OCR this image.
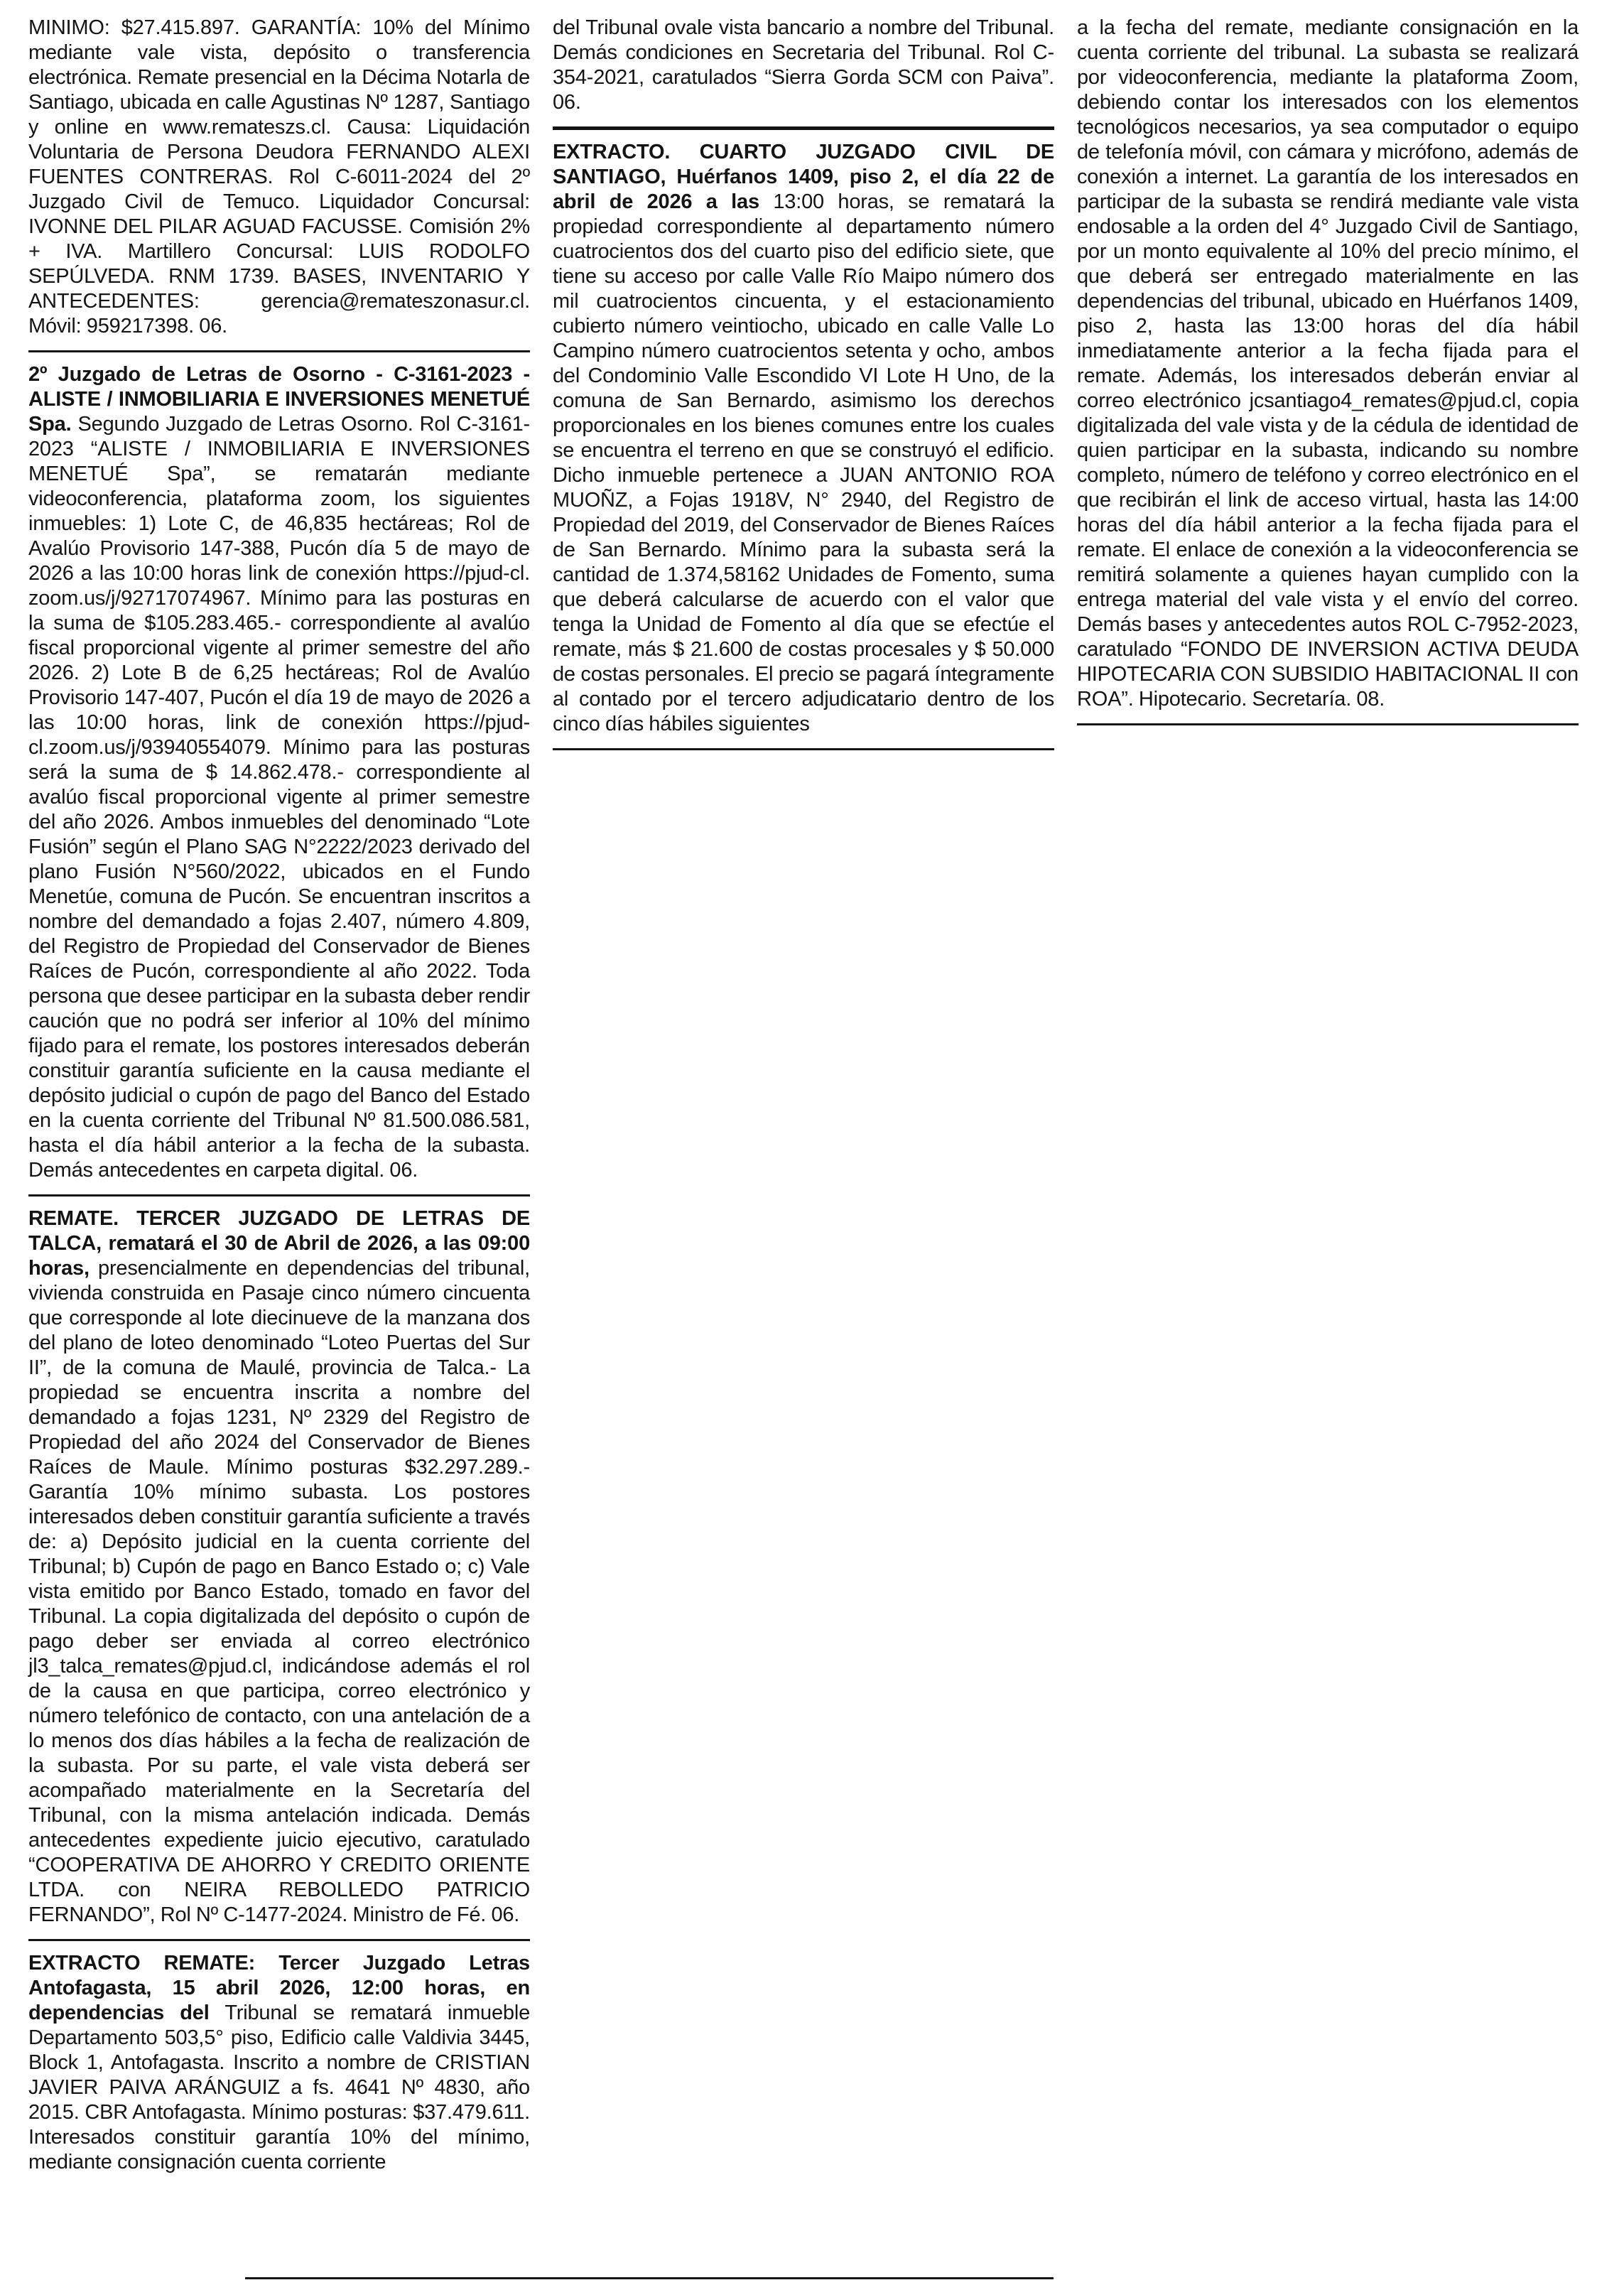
MINIMO: $27.415.897. GARANTÍA: 10% del Mínimo mediante vale vista, depósito o transferencia electrónica. Remate presencial en la Décima Notarla de Santiago, ubicada en calle Agustinas Nº 1287, Santiago y online en www.remateszs.cl. Causa: Liquidación Voluntaria de Persona Deudora FERNANDO ALEXI FUENTES CONTRERAS. Rol C-6011-2024 del 2º Juzgado Civil de Temuco. Liquidador Concursal: IVONNE DEL PILAR AGUAD FACUSSE. Comisión 2% + IVA. Martillero Concursal: LUIS RODOLFO SEPÚLVEDA. RNM 1739. BASES, INVENTARIO Y ANTECEDENTES: gerencia@remateszonasur.cl. Móvil: 959217398. 06.

2º Juzgado de Letras de Osorno - C-3161-2023 - ALISTE / INMOBILIARIA E INVERSIONES MENETUÉ Spa. Segundo Juzgado de Letras Osorno. Rol C-3161-2023 “ALISTE / INMOBILIARIA E INVERSIONES MENETUÉ Spa”, se rematarán mediante videoconferencia, plataforma zoom, los siguientes inmuebles: 1) Lote C, de 46,835 hectáreas; Rol de Avalúo Provisorio 147-388, Pucón día 5 de mayo de 2026 a las 10:00 horas link de conexión https://pjud-cl. zoom.us/j/92717074967. Mínimo para las posturas en la suma de $105.283.465.- correspondiente al avalúo fiscal proporcional vigente al primer semestre del año 2026. 2) Lote B de 6,25 hectáreas; Rol de Avalúo Provisorio 147-407, Pucón el día 19 de mayo de 2026 a las 10:00 horas, link de conexión https://pjud-cl.zoom.us/j/93940554079. Mínimo para las posturas será la suma de $ 14.862.478.- correspondiente al avalúo fiscal proporcional vigente al primer semestre del año 2026. Ambos inmuebles del denominado “Lote Fusión” según el Plano SAG N°2222/2023 derivado del plano Fusión N°560/2022, ubicados en el Fundo Menetúe, comuna de Pucón. Se encuentran inscritos a nombre del demandado a fojas 2.407, número 4.809, del Registro de Propiedad del Conservador de Bienes Raíces de Pucón, correspondiente al año 2022. Toda persona que desee participar en la subasta deber rendir caución que no podrá ser inferior al 10% del mínimo fijado para el remate, los postores interesados deberán constituir garantía suficiente en la causa mediante el depósito judicial o cupón de pago del Banco del Estado en la cuenta corriente del Tribunal Nº 81.500.086.581, hasta el día hábil anterior a la fecha de la subasta. Demás antecedentes en carpeta digital. 06.

REMATE. TERCER JUZGADO DE LETRAS DE TALCA, rematará el 30 de Abril de 2026, a las 09:00 horas, presencialmente en dependencias del tribunal, vivienda construida en Pasaje cinco número cincuenta que corresponde al lote diecinueve de la manzana dos del plano de loteo denominado “Loteo Puertas del Sur II”, de la comuna de Maulé, provincia de Talca.- La propiedad se encuentra inscrita a nombre del demandado a fojas 1231, Nº 2329 del Registro de Propiedad del año 2024 del Conservador de Bienes Raíces de Maule. Mínimo posturas $32.297.289.- Garantía 10% mínimo subasta. Los postores interesados deben constituir garantía suficiente a través de: a) Depósito judicial en la cuenta corriente del Tribunal; b) Cupón de pago en Banco Estado o; c) Vale vista emitido por Banco Estado, tomado en favor del Tribunal. La copia digitalizada del depósito o cupón de pago deber ser enviada al correo electrónico jl3_talca_remates@pjud.cl, indicándose además el rol de la causa en que participa, correo electrónico y número telefónico de contacto, con una antelación de a lo menos dos días hábiles a la fecha de realización de la subasta. Por su parte, el vale vista deberá ser acompañado materialmente en la Secretaría del Tribunal, con la misma antelación indicada. Demás antecedentes expediente juicio ejecutivo, caratulado “COOPERATIVA DE AHORRO Y CREDITO ORIENTE LTDA. con NEIRA REBOLLEDO PATRICIO FERNANDO”, Rol Nº C-1477-2024. Ministro de Fé. 06.

EXTRACTO REMATE: Tercer Juzgado Letras Antofagasta, 15 abril 2026, 12:00 horas, en dependencias del Tribunal se rematará inmueble Departamento 503,5° piso, Edificio calle Valdivia 3445, Block 1, Antofagasta. Inscrito a nombre de CRISTIAN JAVIER PAIVA ARÁNGUIZ a fs. 4641 Nº 4830, año 2015. CBR Antofagasta. Mínimo posturas: $37.479.611. Interesados constituir garantía 10% del mínimo, mediante consignación cuenta corriente

del Tribunal ovale vista bancario a nombre del Tribunal. Demás condiciones en Secretaria del Tribunal. Rol C-354-2021, caratulados “Sierra Gorda SCM con Paiva”. 06.

EXTRACTO. CUARTO JUZGADO CIVIL DE SANTIAGO, Huérfanos 1409, piso 2, el día 22 de abril de 2026 a las 13:00 horas, se rematará la propiedad correspondiente al departamento número cuatrocientos dos del cuarto piso del edificio siete, que tiene su acceso por calle Valle Río Maipo número dos mil cuatrocientos cincuenta, y el estacionamiento cubierto número veintiocho, ubicado en calle Valle Lo Campino número cuatrocientos setenta y ocho, ambos del Condominio Valle Escondido VI Lote H Uno, de la comuna de San Bernardo, asimismo los derechos proporcionales en los bienes comunes entre los cuales se encuentra el terreno en que se construyó el edificio. Dicho inmueble pertenece a JUAN ANTONIO ROA MUOÑZ, a Fojas 1918V, N° 2940, del Registro de Propiedad del 2019, del Conservador de Bienes Raíces de San Bernardo. Mínimo para la subasta será la cantidad de 1.374,58162 Unidades de Fomento, suma que deberá calcularse de acuerdo con el valor que tenga la Unidad de Fomento al día que se efectúe el remate, más $ 21.600 de costas procesales y $ 50.000 de costas personales. El precio se pagará íntegramente al contado por el tercero adjudicatario dentro de los cinco días hábiles siguientes

a la fecha del remate, mediante consignación en la cuenta corriente del tribunal. La subasta se realizará por videoconferencia, mediante la plataforma Zoom, debiendo contar los interesados con los elementos tecnológicos necesarios, ya sea computador o equipo de telefonía móvil, con cámara y micrófono, además de conexión a internet. La garantía de los interesados en participar de la subasta se rendirá mediante vale vista endosable a la orden del 4° Juzgado Civil de Santiago, por un monto equivalente al 10% del precio mínimo, el que deberá ser entregado materialmente en las dependencias del tribunal, ubicado en Huérfanos 1409, piso 2, hasta las 13:00 horas del día hábil inmediatamente anterior a la fecha fijada para el remate. Además, los interesados deberán enviar al correo electrónico jcsantiago4_remates@pjud.cl, copia digitalizada del vale vista y de la cédula de identidad de quien participar en la subasta, indicando su nombre completo, número de teléfono y correo electrónico en el que recibirán el link de acceso virtual, hasta las 14:00 horas del día hábil anterior a la fecha fijada para el remate. El enlace de conexión a la videoconferencia se remitirá solamente a quienes hayan cumplido con la entrega material del vale vista y el envío del correo. Demás bases y antecedentes autos ROL C-7952-2023, caratulado “FONDO DE INVERSION ACTIVA DEUDA HIPOTECARIA CON SUBSIDIO HABITACIONAL II con ROA”. Hipotecario. Secretaría. 08.
